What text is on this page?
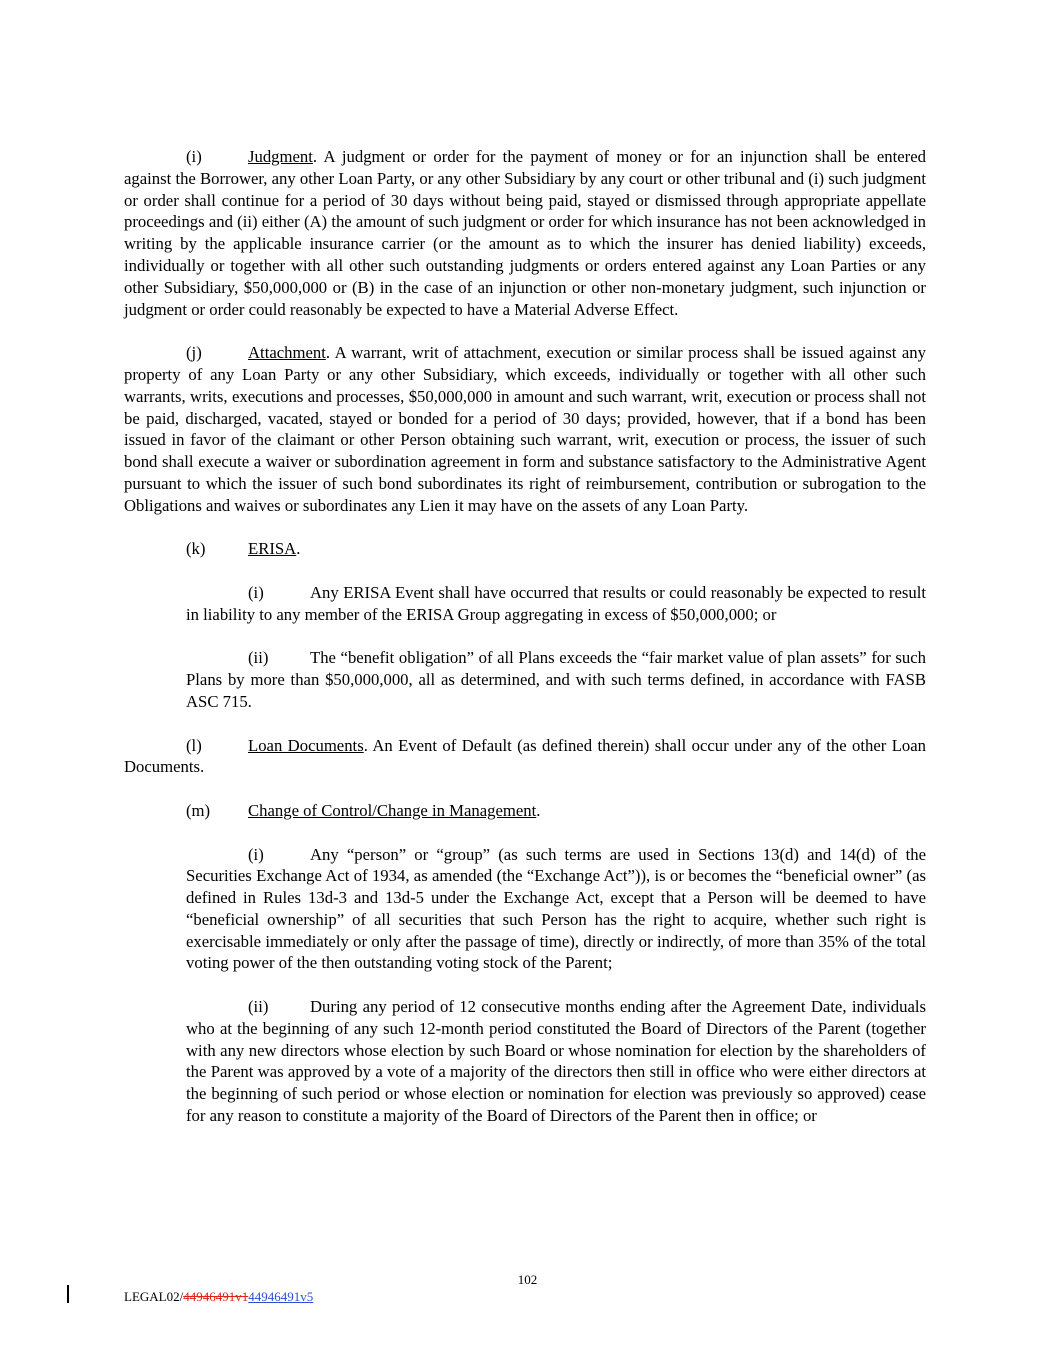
(i)	Judgment. A judgment or order for the payment of money or for an injunction shall be entered against the Borrower, any other Loan Party, or any other Subsidiary by any court or other tribunal and (i) such judgment or order shall continue for a period of 30 days without being paid, stayed or dismissed through appropriate appellate proceedings and (ii) either (A) the amount of such judgment or order for which insurance has not been acknowledged in writing by the applicable insurance carrier (or the amount as to which the insurer has denied liability) exceeds, individually or together with all other such outstanding judgments or orders entered against any Loan Parties or any other Subsidiary, $50,000,000 or (B) in the case of an injunction or other non-monetary judgment, such injunction or judgment or order could reasonably be expected to have a Material Adverse Effect.

(j)	Attachment. A warrant, writ of attachment, execution or similar process shall be issued against any property of any Loan Party or any other Subsidiary, which exceeds, individually or together with all other such warrants, writs, executions and processes, $50,000,000 in amount and such warrant, writ, execution or process shall not be paid, discharged, vacated, stayed or bonded for a period of 30 days; provided, however, that if a bond has been issued in favor of the claimant or other Person obtaining such warrant, writ, execution or process, the issuer of such bond shall execute a waiver or subordination agreement in form and substance satisfactory to the Administrative Agent pursuant to which the issuer of such bond subordinates its right of reimbursement, contribution or subrogation to the Obligations and waives or subordinates any Lien it may have on the assets of any Loan Party.

(k)	ERISA.

(i)	Any ERISA Event shall have occurred that results or could reasonably be expected to result in liability to any member of the ERISA Group aggregating in excess of $50,000,000; or

(ii) The “benefit obligation” of all Plans exceeds the “fair market value of plan assets” for such Plans by more than $50,000,000, all as determined, and with such terms defined, in accordance with FASB ASC 715.

(l)	Loan Documents. An Event of Default (as defined therein) shall occur under any of the other Loan Documents.

(m) Change of Control/Change in Management.

(i)	Any “person” or “group” (as such terms are used in Sections 13(d) and 14(d) of the Securities Exchange Act of 1934, as amended (the “Exchange Act”)), is or becomes the “beneficial owner” (as defined in Rules 13d-3 and 13d-5 under the Exchange Act, except that a Person will be deemed to have “beneficial ownership” of all securities that such Person has the right to acquire, whether such right is exercisable immediately or only after the passage of time), directly or indirectly, of more than 35% of the total voting power of the then outstanding voting stock of the Parent;

(ii) During any period of 12 consecutive months ending after the Agreement Date, individuals who at the beginning of any such 12-month period constituted the Board of Directors of the Parent (together with any new directors whose election by such Board or whose nomination for election by the shareholders of the Parent was approved by a vote of a majority of the directors then still in office who were either directors at the beginning of such period or whose election or nomination for election was previously so approved) cease for any reason to constitute a majority of the Board of Directors of the Parent then in office; or

102
LEGAL02/44946491v144946491v5
